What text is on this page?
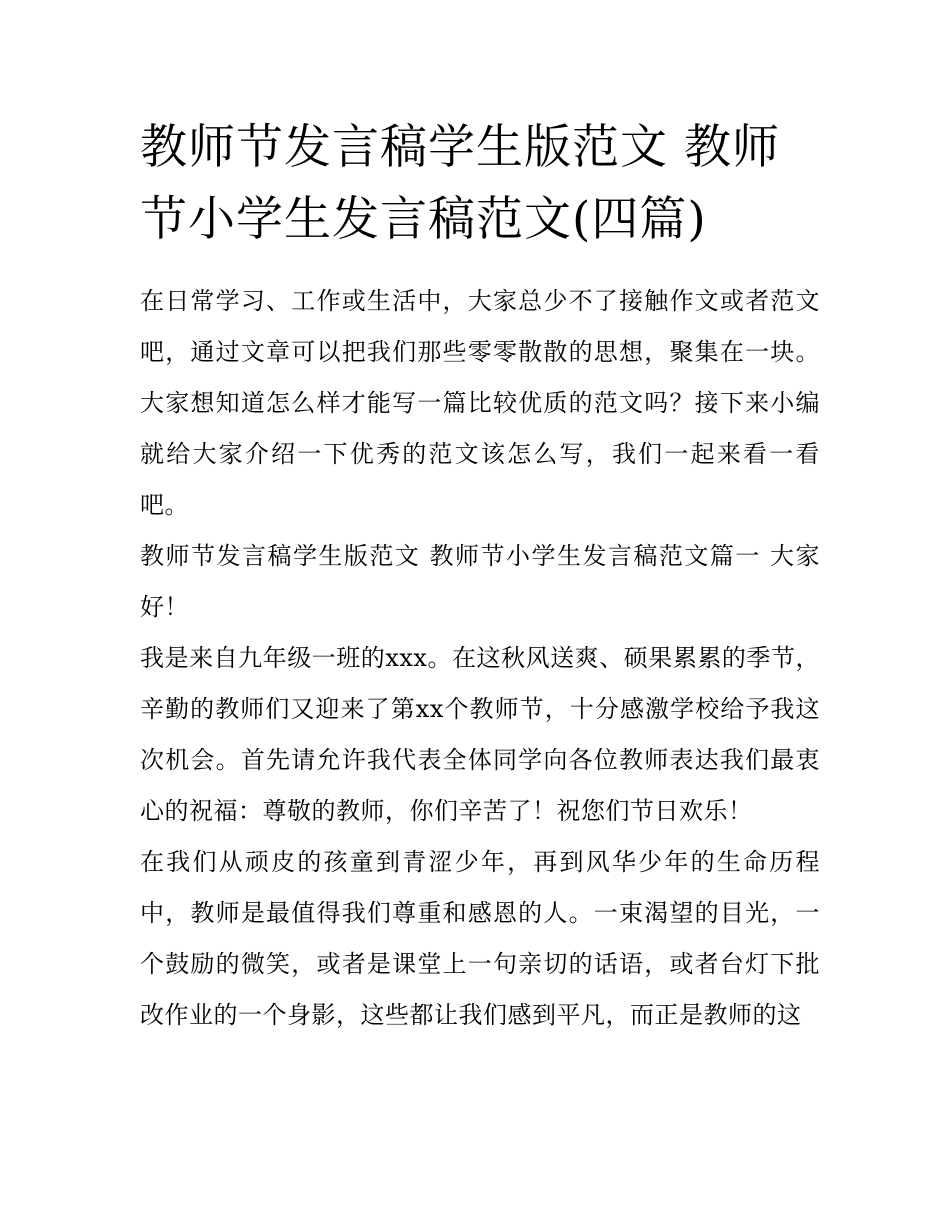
教师节发言稿学生版范文 教师节小学生发言稿范文(四篇)

在日常学习、工作或生活中，大家总少不了接触作文或者范文吧，通过文章可以把我们那些零零散散的思想，聚集在一块。大家想知道怎么样才能写一篇比较优质的范文吗？接下来小编就给大家介绍一下优秀的范文该怎么写，我们一起来看一看吧。

教师节发言稿学生版范文 教师节小学生发言稿范文篇一 大家好！

我是来自九年级一班的xxx。在这秋风送爽、硕果累累的季节，辛勤的教师们又迎来了第xx个教师节，十分感激学校给予我这次机会。首先请允许我代表全体同学向各位教师表达我们最衷心的祝福：尊敬的教师，你们辛苦了！祝您们节日欢乐！

在我们从顽皮的孩童到青涩少年，再到风华少年的生命历程中，教师是最值得我们尊重和感恩的人。一束渴望的目光，一个鼓励的微笑，或者是课堂上一句亲切的话语，或者台灯下批改作业的一个身影，这些都让我们感到平凡，而正是教师的这
